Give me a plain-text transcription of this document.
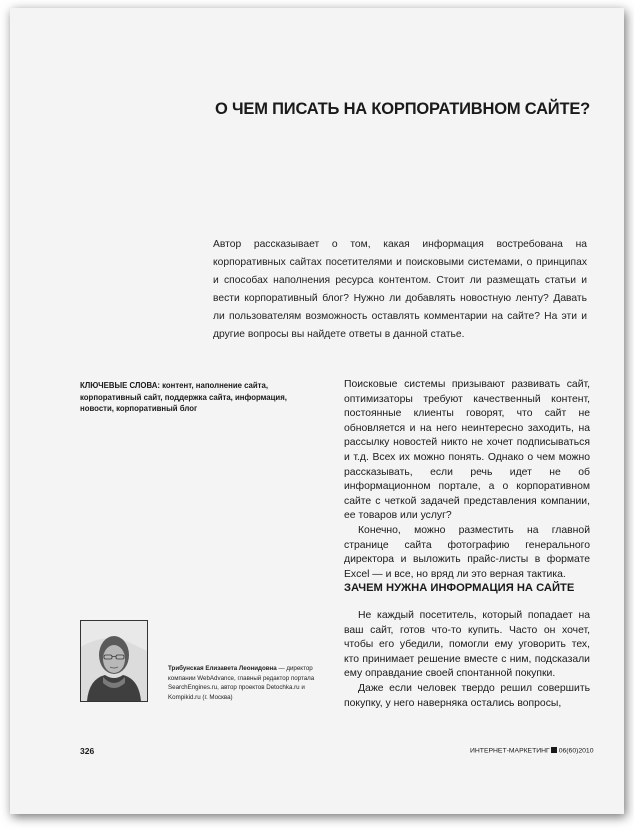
О ЧЕМ ПИСАТЬ НА КОРПОРАТИВНОМ САЙТЕ?
Автор рассказывает о том, какая информация востребована на корпоративных сайтах посетителями и поисковыми системами, о принципах и способах наполнения ресурса контентом. Стоит ли размещать статьи и вести корпоративный блог? Нужно ли добавлять новостную ленту? Давать ли пользователям возможность оставлять комментарии на сайте? На эти и другие вопросы вы найдете ответы в данной статье.
КЛЮЧЕВЫЕ СЛОВА: контент, наполнение сайта, корпоративный сайт, поддержка сайта, информация, новости, корпоративный блог

Поисковые системы призывают развивать сайт, оптимизаторы требуют качественный контент, постоянные клиенты говорят, что сайт не обновляется и на него неинтересно заходить, на рассылку новостей никто не хочет подписываться и т.д. Всех их можно понять. Однако о чем можно рассказывать, если речь идет не об информационном портале, а о корпоративном сайте с четкой задачей представления компании, ее товаров или услуг?

Конечно, можно разместить на главной странице сайта фотографию генерального директора и выложить прайс-листы в формате Excel — и все, но вряд ли это верная тактика.

ЗАЧЕМ НУЖНА ИНФОРМАЦИЯ НА САЙТЕ

Не каждый посетитель, который попадает на ваш сайт, готов что-то купить. Часто он хочет, чтобы его убедили, помогли ему уговорить тех, кто принимает решение вместе с ним, подсказали ему оправдание своей спонтанной покупки.

Даже если человек твердо решил совершить покупку, у него наверняка остались вопросы,

Трибунская Елизавета Леонидовна — директор компании WebAdvance, главный редактор портала SearchEngines.ru, автор проектов Detochka.ru и Kompikid.ru (г. Москва)
326	ИНТЕРНЕТ-МАРКЕТИНГ 06(60)2010
